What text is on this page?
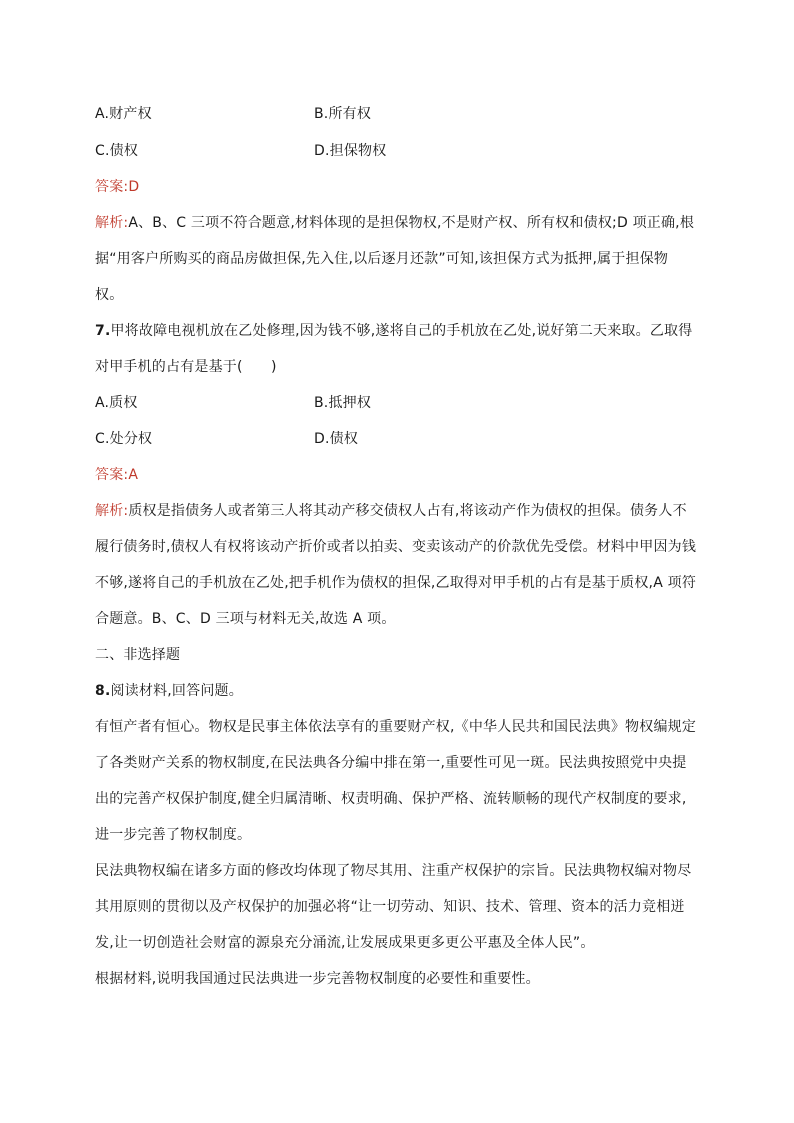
A.财产权	B.所有权
C.债权	D.担保物权
答案:D
解析:A、B、C 三项不符合题意,材料体现的是担保物权,不是财产权、所有权和债权;D 项正确,根
据“用客户所购买的商品房做担保,先入住,以后逐月还款”可知,该担保方式为抵押,属于担保物
权。
7.甲将故障电视机放在乙处修理,因为钱不够,遂将自己的手机放在乙处,说好第二天来取。乙取得
对甲手机的占有是基于(　　)
A.质权	B.抵押权
C.处分权	D.债权
答案:A
解析:质权是指债务人或者第三人将其动产移交债权人占有,将该动产作为债权的担保。债务人不
履行债务时,债权人有权将该动产折价或者以拍卖、变卖该动产的价款优先受偿。材料中甲因为钱
不够,遂将自己的手机放在乙处,把手机作为债权的担保,乙取得对甲手机的占有是基于质权,A 项符
合题意。B、C、D 三项与材料无关,故选 A 项。
二、非选择题
8.阅读材料,回答问题。
有恒产者有恒心。物权是民事主体依法享有的重要财产权,《中华人民共和国民法典》物权编规定
了各类财产关系的物权制度,在民法典各分编中排在第一,重要性可见一斑。民法典按照党中央提
出的完善产权保护制度,健全归属清晰、权责明确、保护严格、流转顺畅的现代产权制度的要求,
进一步完善了物权制度。
民法典物权编在诸多方面的修改均体现了物尽其用、注重产权保护的宗旨。民法典物权编对物尽
其用原则的贯彻以及产权保护的加强必将“让一切劳动、知识、技术、管理、资本的活力竞相迸
发,让一切创造社会财富的源泉充分涌流,让发展成果更多更公平惠及全体人民”。
根据材料,说明我国通过民法典进一步完善物权制度的必要性和重要性。
